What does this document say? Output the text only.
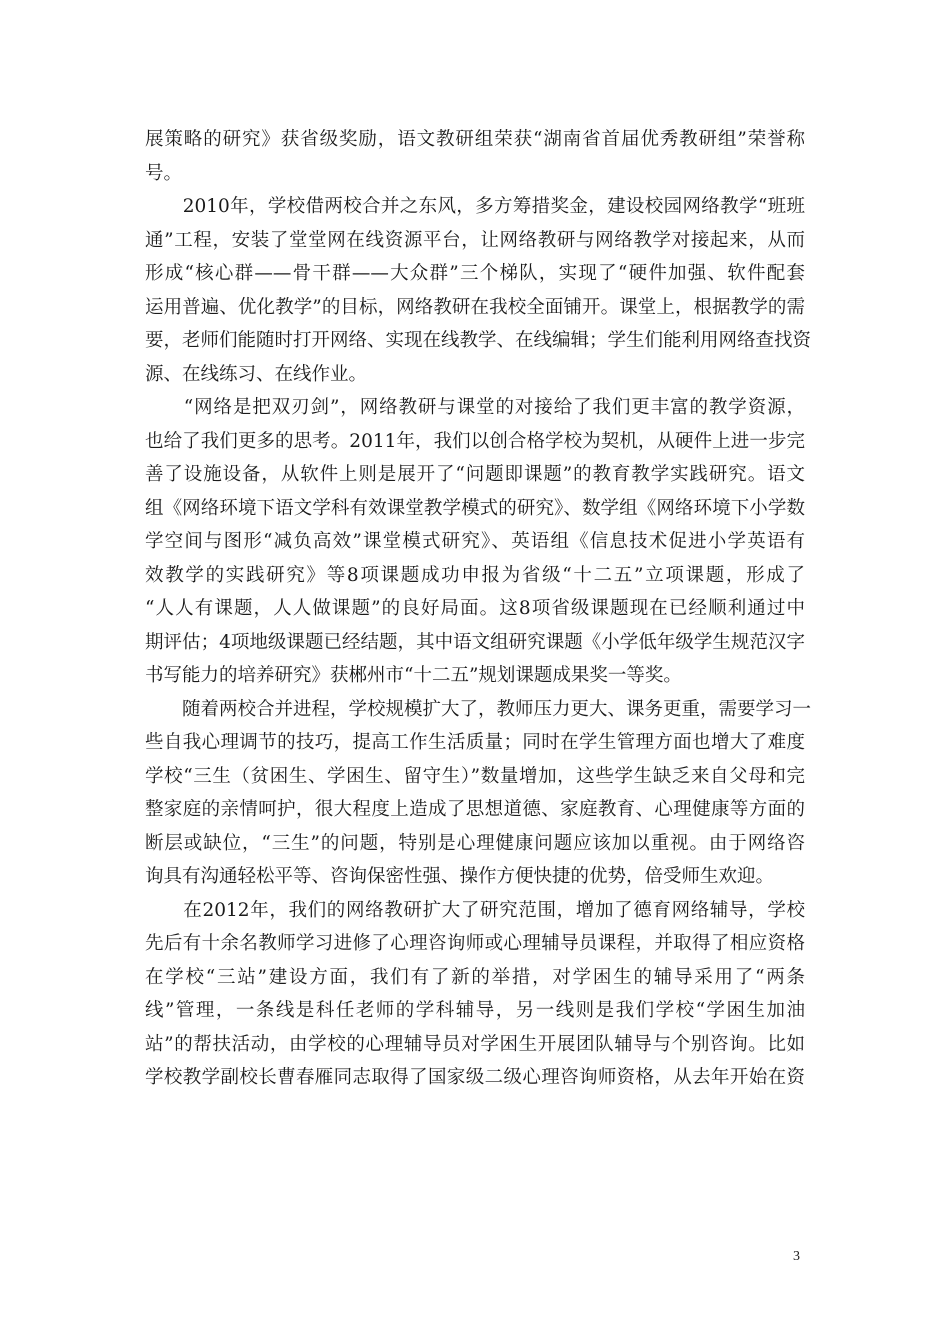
展策略的研究》获省级奖励，语文教研组荣获“湖南省首届优秀教研组”荣誉称
号。
　　2010年，学校借两校合并之东风，多方筹措奖金，建设校园网络教学“班班
通”工程，安装了堂堂网在线资源平台，让网络教研与网络教学对接起来，从而
形成“核心群——骨干群——大众群”三个梯队，实现了“硬件加强、软件配套
运用普遍、优化教学”的目标，网络教研在我校全面铺开。课堂上，根据教学的需
要，老师们能随时打开网络、实现在线教学、在线编辑；学生们能利用网络查找资
源、在线练习、在线作业。
　　“网络是把双刃剑”，网络教研与课堂的对接给了我们更丰富的教学资源，
也给了我们更多的思考。2011年，我们以创合格学校为契机，从硬件上进一步完
善了设施设备，从软件上则是展开了“问题即课题”的教育教学实践研究。语文
组《网络环境下语文学科有效课堂教学模式的研究》、数学组《网络环境下小学数
学空间与图形“减负高效”课堂模式研究》、英语组《信息技术促进小学英语有
效教学的实践研究》等8项课题成功申报为省级“十二五”立项课题，形成了
“人人有课题，人人做课题”的良好局面。这8项省级课题现在已经顺利通过中
期评估；4项地级课题已经结题，其中语文组研究课题《小学低年级学生规范汉字
书写能力的培养研究》获郴州市“十二五”规划课题成果奖一等奖。
　　随着两校合并进程，学校规模扩大了，教师压力更大、课务更重，需要学习一
些自我心理调节的技巧，提高工作生活质量；同时在学生管理方面也增大了难度
学校“三生（贫困生、学困生、留守生）”数量增加，这些学生缺乏来自父母和完
整家庭的亲情呵护，很大程度上造成了思想道德、家庭教育、心理健康等方面的
断层或缺位，“三生”的问题，特别是心理健康问题应该加以重视。由于网络咨
询具有沟通轻松平等、咨询保密性强、操作方便快捷的优势，倍受师生欢迎。
　　在2012年，我们的网络教研扩大了研究范围，增加了德育网络辅导，学校
先后有十余名教师学习进修了心理咨询师或心理辅导员课程，并取得了相应资格
在学校“三站”建设方面，我们有了新的举措，对学困生的辅导采用了“两条
线”管理，一条线是科任老师的学科辅导，另一线则是我们学校“学困生加油
站”的帮扶活动，由学校的心理辅导员对学困生开展团队辅导与个别咨询。比如
学校教学副校长曹春雁同志取得了国家级二级心理咨询师资格，从去年开始在资
3
